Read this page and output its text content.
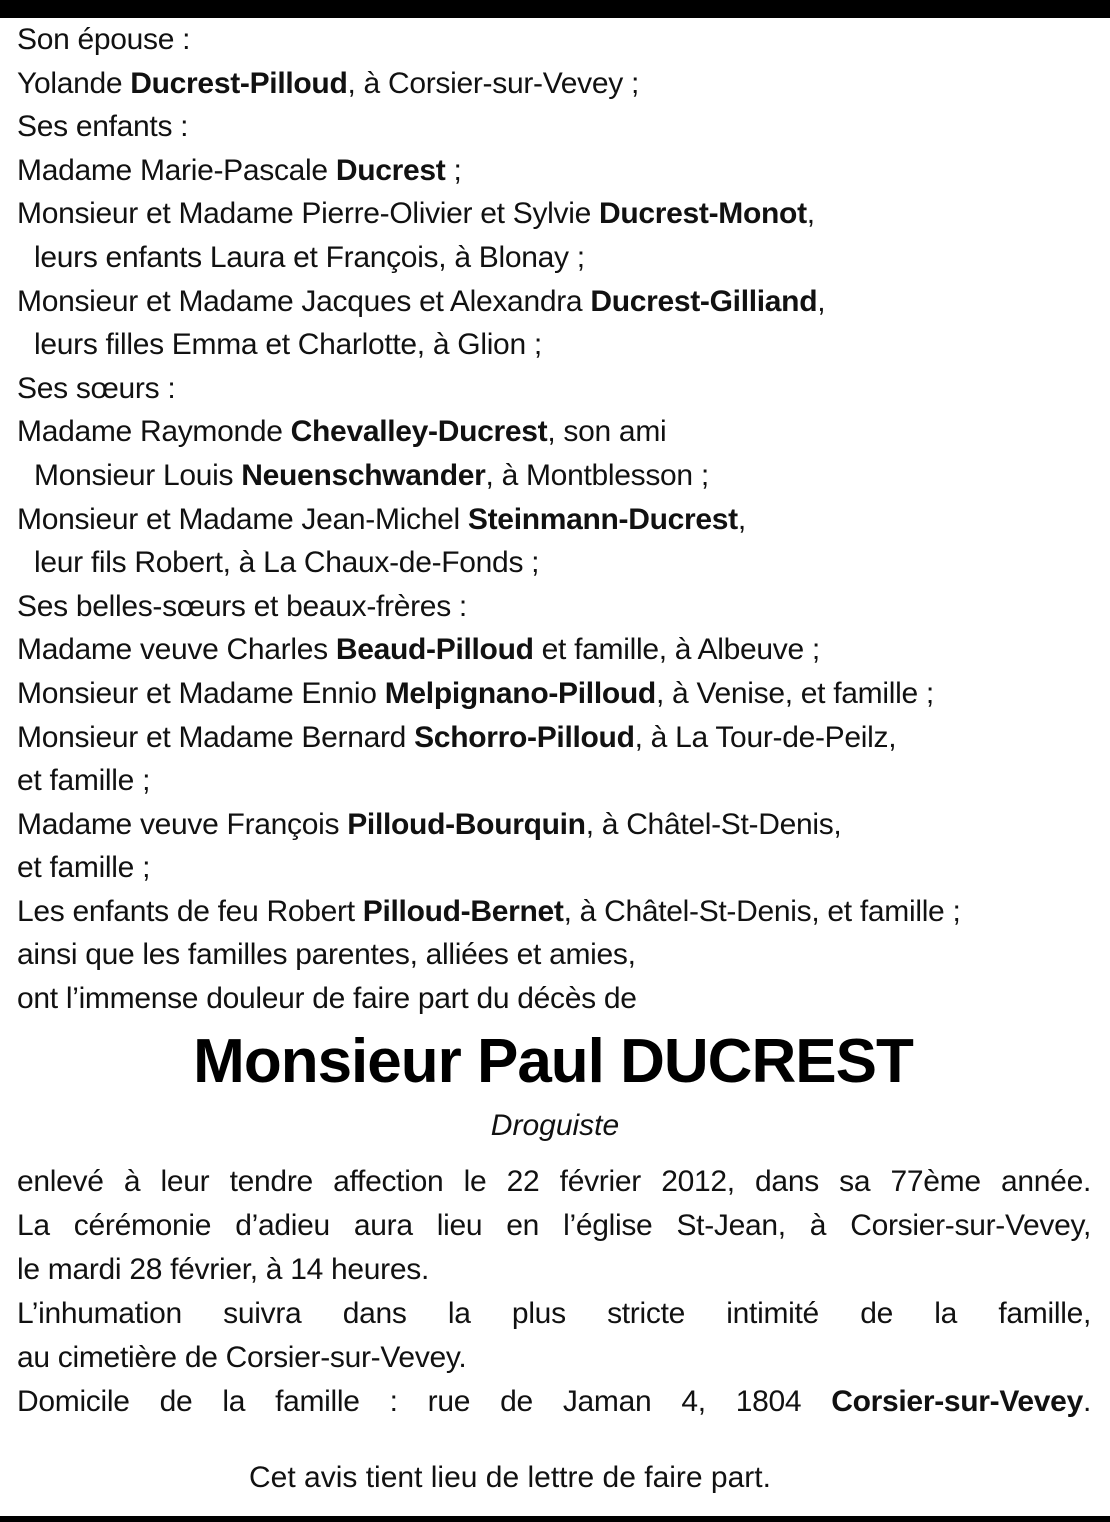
Son épouse :
Yolande Ducrest-Pilloud, à Corsier-sur-Vevey ;
Ses enfants :
Madame Marie-Pascale Ducrest ;
Monsieur et Madame Pierre-Olivier et Sylvie Ducrest-Monot,
leurs enfants Laura et François, à Blonay ;
Monsieur et Madame Jacques et Alexandra Ducrest-Gilliand,
leurs filles Emma et Charlotte, à Glion ;
Ses sœurs :
Madame Raymonde Chevalley-Ducrest, son ami
Monsieur Louis Neuenschwander, à Montblesson ;
Monsieur et Madame Jean-Michel Steinmann-Ducrest,
leur fils Robert, à La Chaux-de-Fonds ;
Ses belles-sœurs et beaux-frères :
Madame veuve Charles Beaud-Pilloud et famille, à Albeuve ;
Monsieur et Madame Ennio Melpignano-Pilloud, à Venise, et famille ;
Monsieur et Madame Bernard Schorro-Pilloud, à La Tour-de-Peilz,
et famille ;
Madame veuve François Pilloud-Bourquin, à Châtel-St-Denis,
et famille ;
Les enfants de feu Robert Pilloud-Bernet, à Châtel-St-Denis, et famille ;
ainsi que les familles parentes, alliées et amies,
ont l’immense douleur de faire part du décès de
Monsieur Paul DUCREST
Droguiste
enlevé à leur tendre affection le 22 février 2012, dans sa 77ème année.
La cérémonie d’adieu aura lieu en l’église St-Jean, à Corsier-sur-Vevey,
le mardi 28 février, à 14 heures.
L’inhumation suivra dans la plus stricte intimité de la famille,
au cimetière de Corsier-sur-Vevey.
Domicile de la famille : rue de Jaman 4, 1804 Corsier-sur-Vevey.
Cet avis tient lieu de lettre de faire part.
